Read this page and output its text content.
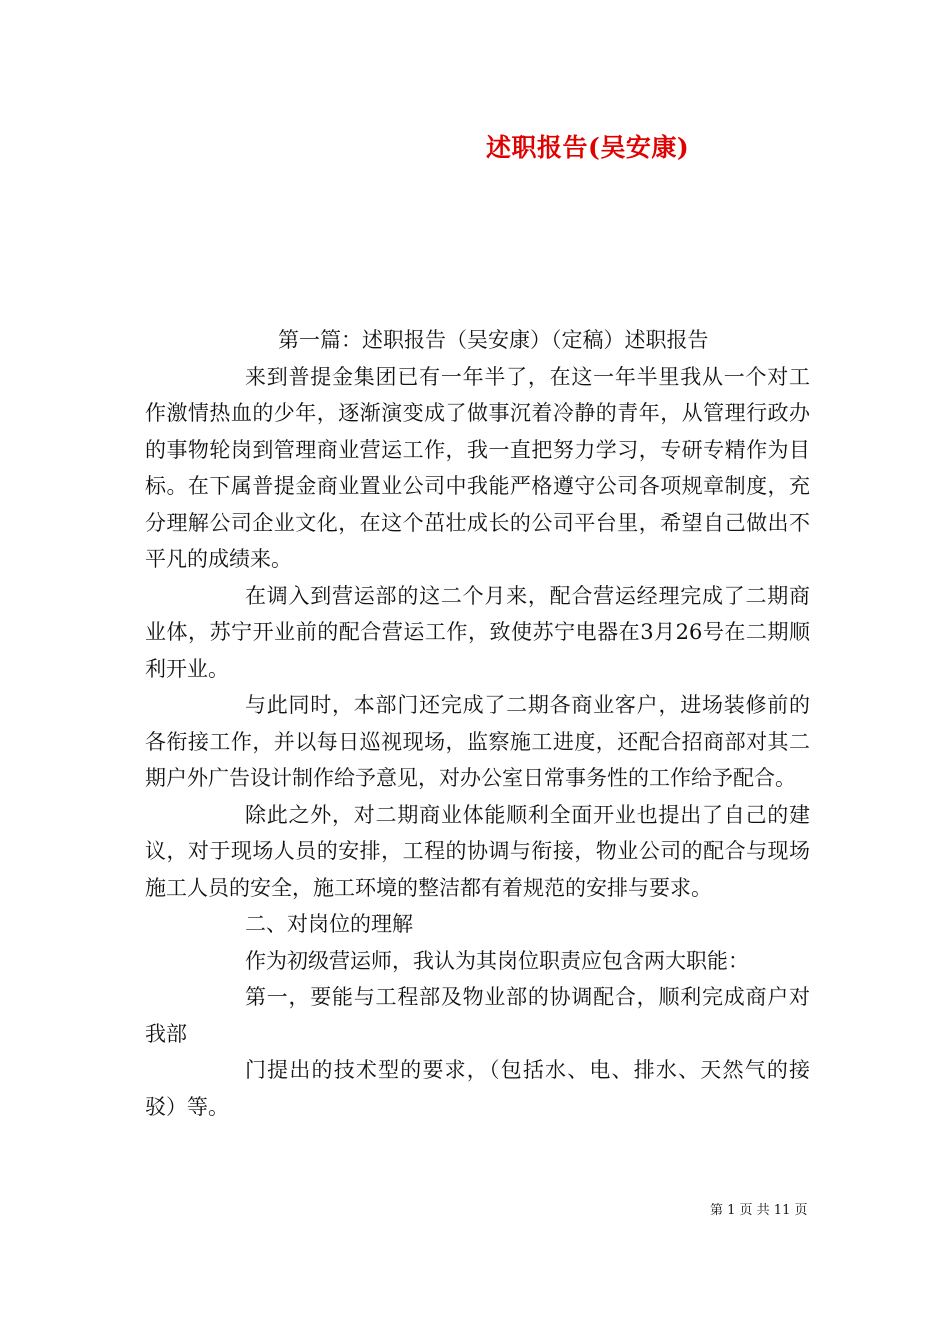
述职报告(吴安康)

第一篇：述职报告（吴安康）（定稿）述职报告

来到普提金集团已有一年半了，在这一年半里我从一个对工作激情热血的少年，逐渐演变成了做事沉着冷静的青年，从管理行政办的事物轮岗到管理商业营运工作，我一直把努力学习，专研专精作为目标。在下属普提金商业置业公司中我能严格遵守公司各项规章制度，充分理解公司企业文化，在这个茁壮成长的公司平台里，希望自己做出不平凡的成绩来。

在调入到营运部的这二个月来，配合营运经理完成了二期商业体，苏宁开业前的配合营运工作，致使苏宁电器在3月26号在二期顺利开业。

与此同时，本部门还完成了二期各商业客户，进场装修前的各衔接工作，并以每日巡视现场，监察施工进度，还配合招商部对其二期户外广告设计制作给予意见，对办公室日常事务性的工作给予配合。

除此之外，对二期商业体能顺利全面开业也提出了自己的建议，对于现场人员的安排，工程的协调与衔接，物业公司的配合与现场施工人员的安全，施工环境的整洁都有着规范的安排与要求。

二、对岗位的理解

作为初级营运师，我认为其岗位职责应包含两大职能：

第一，要能与工程部及物业部的协调配合，顺利完成商户对我部

门提出的技术型的要求，（包括水、电、排水、天然气的接驳）等。

第 1 页 共 11 页
